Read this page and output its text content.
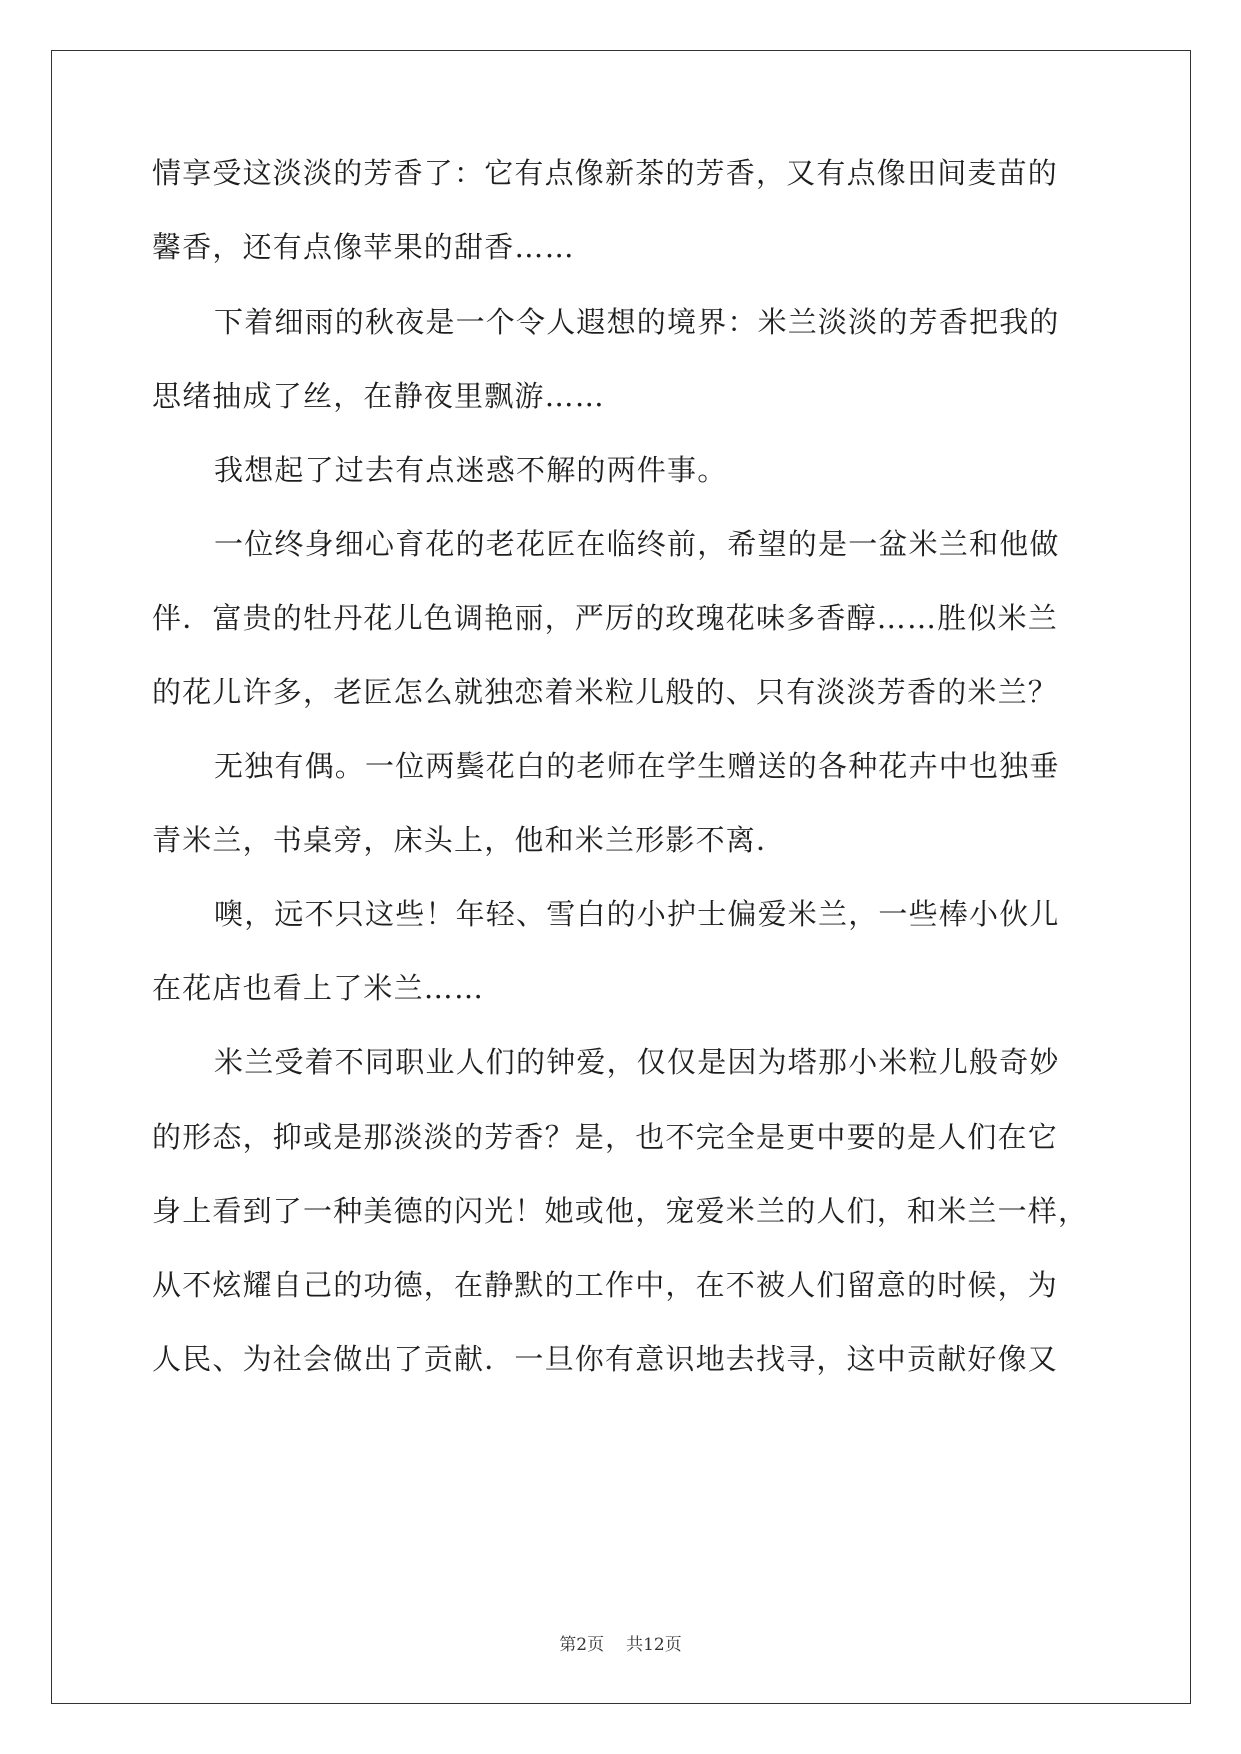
情享受这淡淡的芳香了：它有点像新茶的芳香，又有点像田间麦苗的
馨香，还有点像苹果的甜香……
下着细雨的秋夜是一个令人遐想的境界：米兰淡淡的芳香把我的
思绪抽成了丝，在静夜里飘游……
我想起了过去有点迷惑不解的两件事。
一位终身细心育花的老花匠在临终前，希望的是一盆米兰和他做
伴．富贵的牡丹花儿色调艳丽，严厉的玫瑰花味多香醇……胜似米兰
的花儿许多，老匠怎么就独恋着米粒儿般的、只有淡淡芳香的米兰？
无独有偶。一位两鬓花白的老师在学生赠送的各种花卉中也独垂
青米兰，书桌旁，床头上，他和米兰形影不离．
噢，远不只这些！年轻、雪白的小护士偏爱米兰，一些棒小伙儿
在花店也看上了米兰……
米兰受着不同职业人们的钟爱，仅仅是因为塔那小米粒儿般奇妙
的形态，抑或是那淡淡的芳香？是，也不完全是更中要的是人们在它
身上看到了一种美德的闪光！她或他，宠爱米兰的人们，和米兰一样，
从不炫耀自己的功德，在静默的工作中，在不被人们留意的时候，为
人民、为社会做出了贡献．一旦你有意识地去找寻，这中贡献好像又
第2页 共12页
